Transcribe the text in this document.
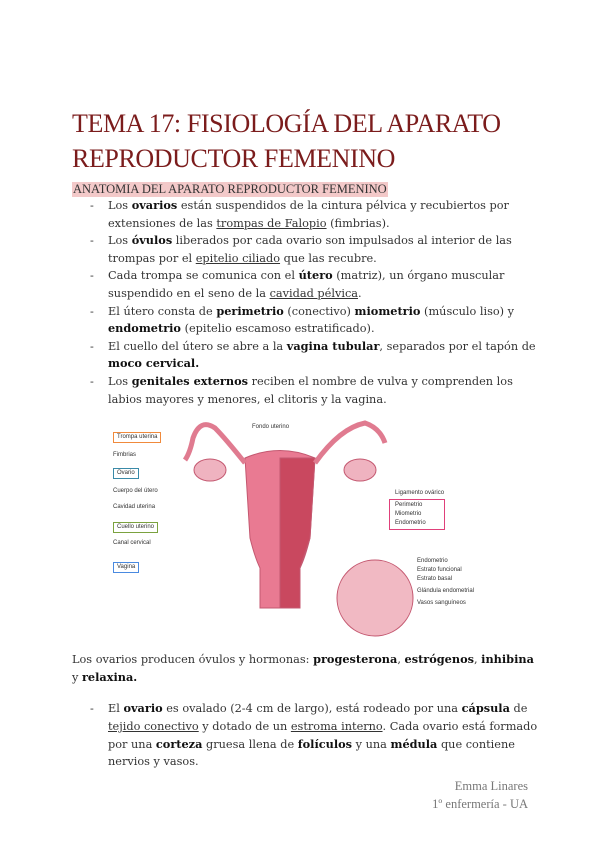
TEMA 17: FISIOLOGÍA DEL APARATO REPRODUCTOR FEMENINO
ANATOMIA DEL APARATO REPRODUCTOR FEMENINO
- Los ovarios están suspendidos de la cintura pélvica y recubiertos por extensiones de las trompas de Falopio (fimbrias).
- Los óvulos liberados por cada ovario son impulsados al interior de las trompas por el epitelio ciliado que las recubre.
- Cada trompa se comunica con el útero (matriz), un órgano muscular suspendido en el seno de la cavidad pélvica.
- El útero consta de perimetrio (conectivo) miometrio (músculo liso) y endometrio (epitelio escamoso estratificado).
- El cuello del útero se abre a la vagina tubular, separados por el tapón de moco cervical.
- Los genitales externos reciben el nombre de vulva y comprenden los labios mayores y menores, el clitoris y la vagina.
Trompa uterina
Fimbrias
Ovario
Cuerpo del útero
Cavidad uterina
Cuello uterino
Canal cervical
Vagina
Fondo uterino
Ligamento ovárico
Perimetrio
Miometrio
Endometrio
Endometrio
Estrato funcional
Estrato basal
Glándula endometrial
Vasos sanguíneos
Los ovarios producen óvulos y hormonas: progesterona, estrógenos, inhibina y relaxina.
- El ovario es ovalado (2-4 cm de largo), está rodeado por una cápsula de tejido conectivo y dotado de un estroma interno. Cada ovario está formado por una corteza gruesa llena de folículos y una médula que contiene nervios y vasos.
Emma Linares
1º enfermería - UA
